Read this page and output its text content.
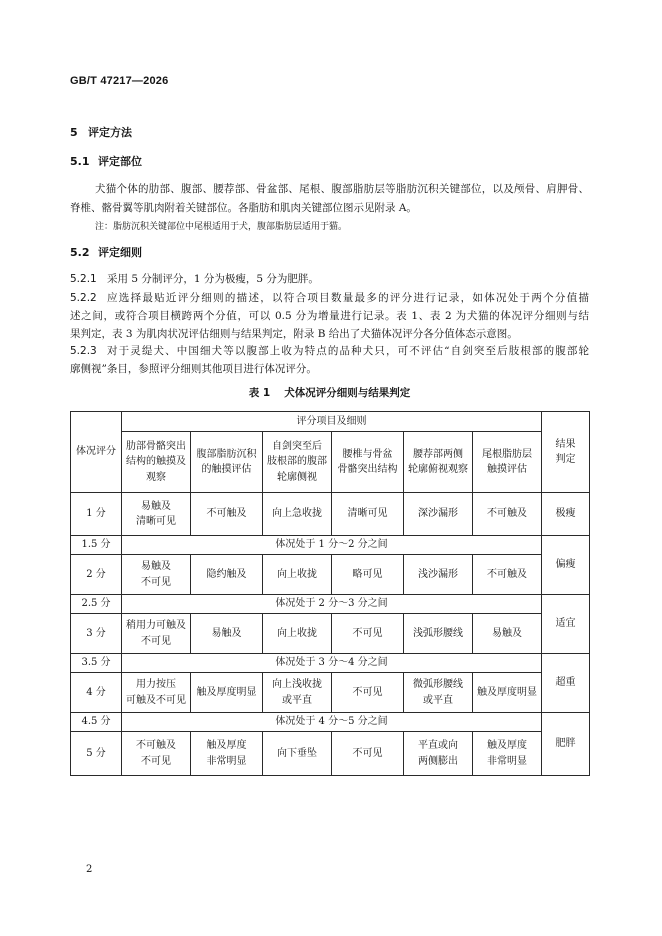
GB/T 47217—2026
5 评定方法
5.1 评定部位
犬猫个体的肋部、腹部、腰荐部、骨盆部、尾根、腹部脂肪层等脂肪沉积关键部位，以及颅骨、肩胛骨、
脊椎、髂骨翼等肌肉附着关键部位。各脂肪和肌肉关键部位图示见附录 A。
注：脂肪沉积关键部位中尾根适用于犬，腹部脂肪层适用于猫。
5.2 评定细则
5.2.1 采用 5 分制评分，1 分为极瘦，5 分为肥胖。
5.2.2 应选择最贴近评分细则的描述，以符合项目数量最多的评分进行记录，如体况处于两个分值描
述之间，或符合项目横跨两个分值，可以 0.5 分为增量进行记录。表 1、表 2 为犬猫的体况评分细则与结
果判定，表 3 为肌肉状况评估细则与结果判定，附录 B 给出了犬猫体况评分各分值体态示意图。
5.2.3 对于灵缇犬、中国细犬等以腹部上收为特点的品种犬只，可不评估“自剑突至后肢根部的腹部轮
廓侧视”条目，参照评分细则其他项目进行体况评分。
表 1 犬体况评分细则与结果判定
体况评分	评分项目及细则						结果
判定
	肋部骨骼突出
结构的触摸及
观察	腹部脂肪沉积
的触摸评估	自剑突至后
肢根部的腹部
轮廓侧视	腰椎与骨盆
骨骼突出结构	腰荐部两侧
轮廓俯视观察	尾根脂肪层
触摸评估	
1 分	易触及
清晰可见	不可触及	向上急收拢	清晰可见	深沙漏形	不可触及	极瘦
1.5 分	体况处于 1 分～2 分之间						偏瘦
2 分	易触及
不可见	隐约触及	向上收拢	略可见	浅沙漏形	不可触及	
2.5 分	体况处于 2 分～3 分之间						适宜
3 分	稍用力可触及
不可见	易触及	向上收拢	不可见	浅弧形腰线	易触及	
3.5 分	体况处于 3 分～4 分之间						超重
4 分	用力按压
可触及不可见	触及厚度明显	向上浅收拢
或平直	不可见	微弧形腰线
或平直	触及厚度明显	
4.5 分	体况处于 4 分～5 分之间						肥胖
5 分	不可触及
不可见	触及厚度
非常明显	向下垂坠	不可见	平直或向
两侧膨出	触及厚度
非常明显	
2
